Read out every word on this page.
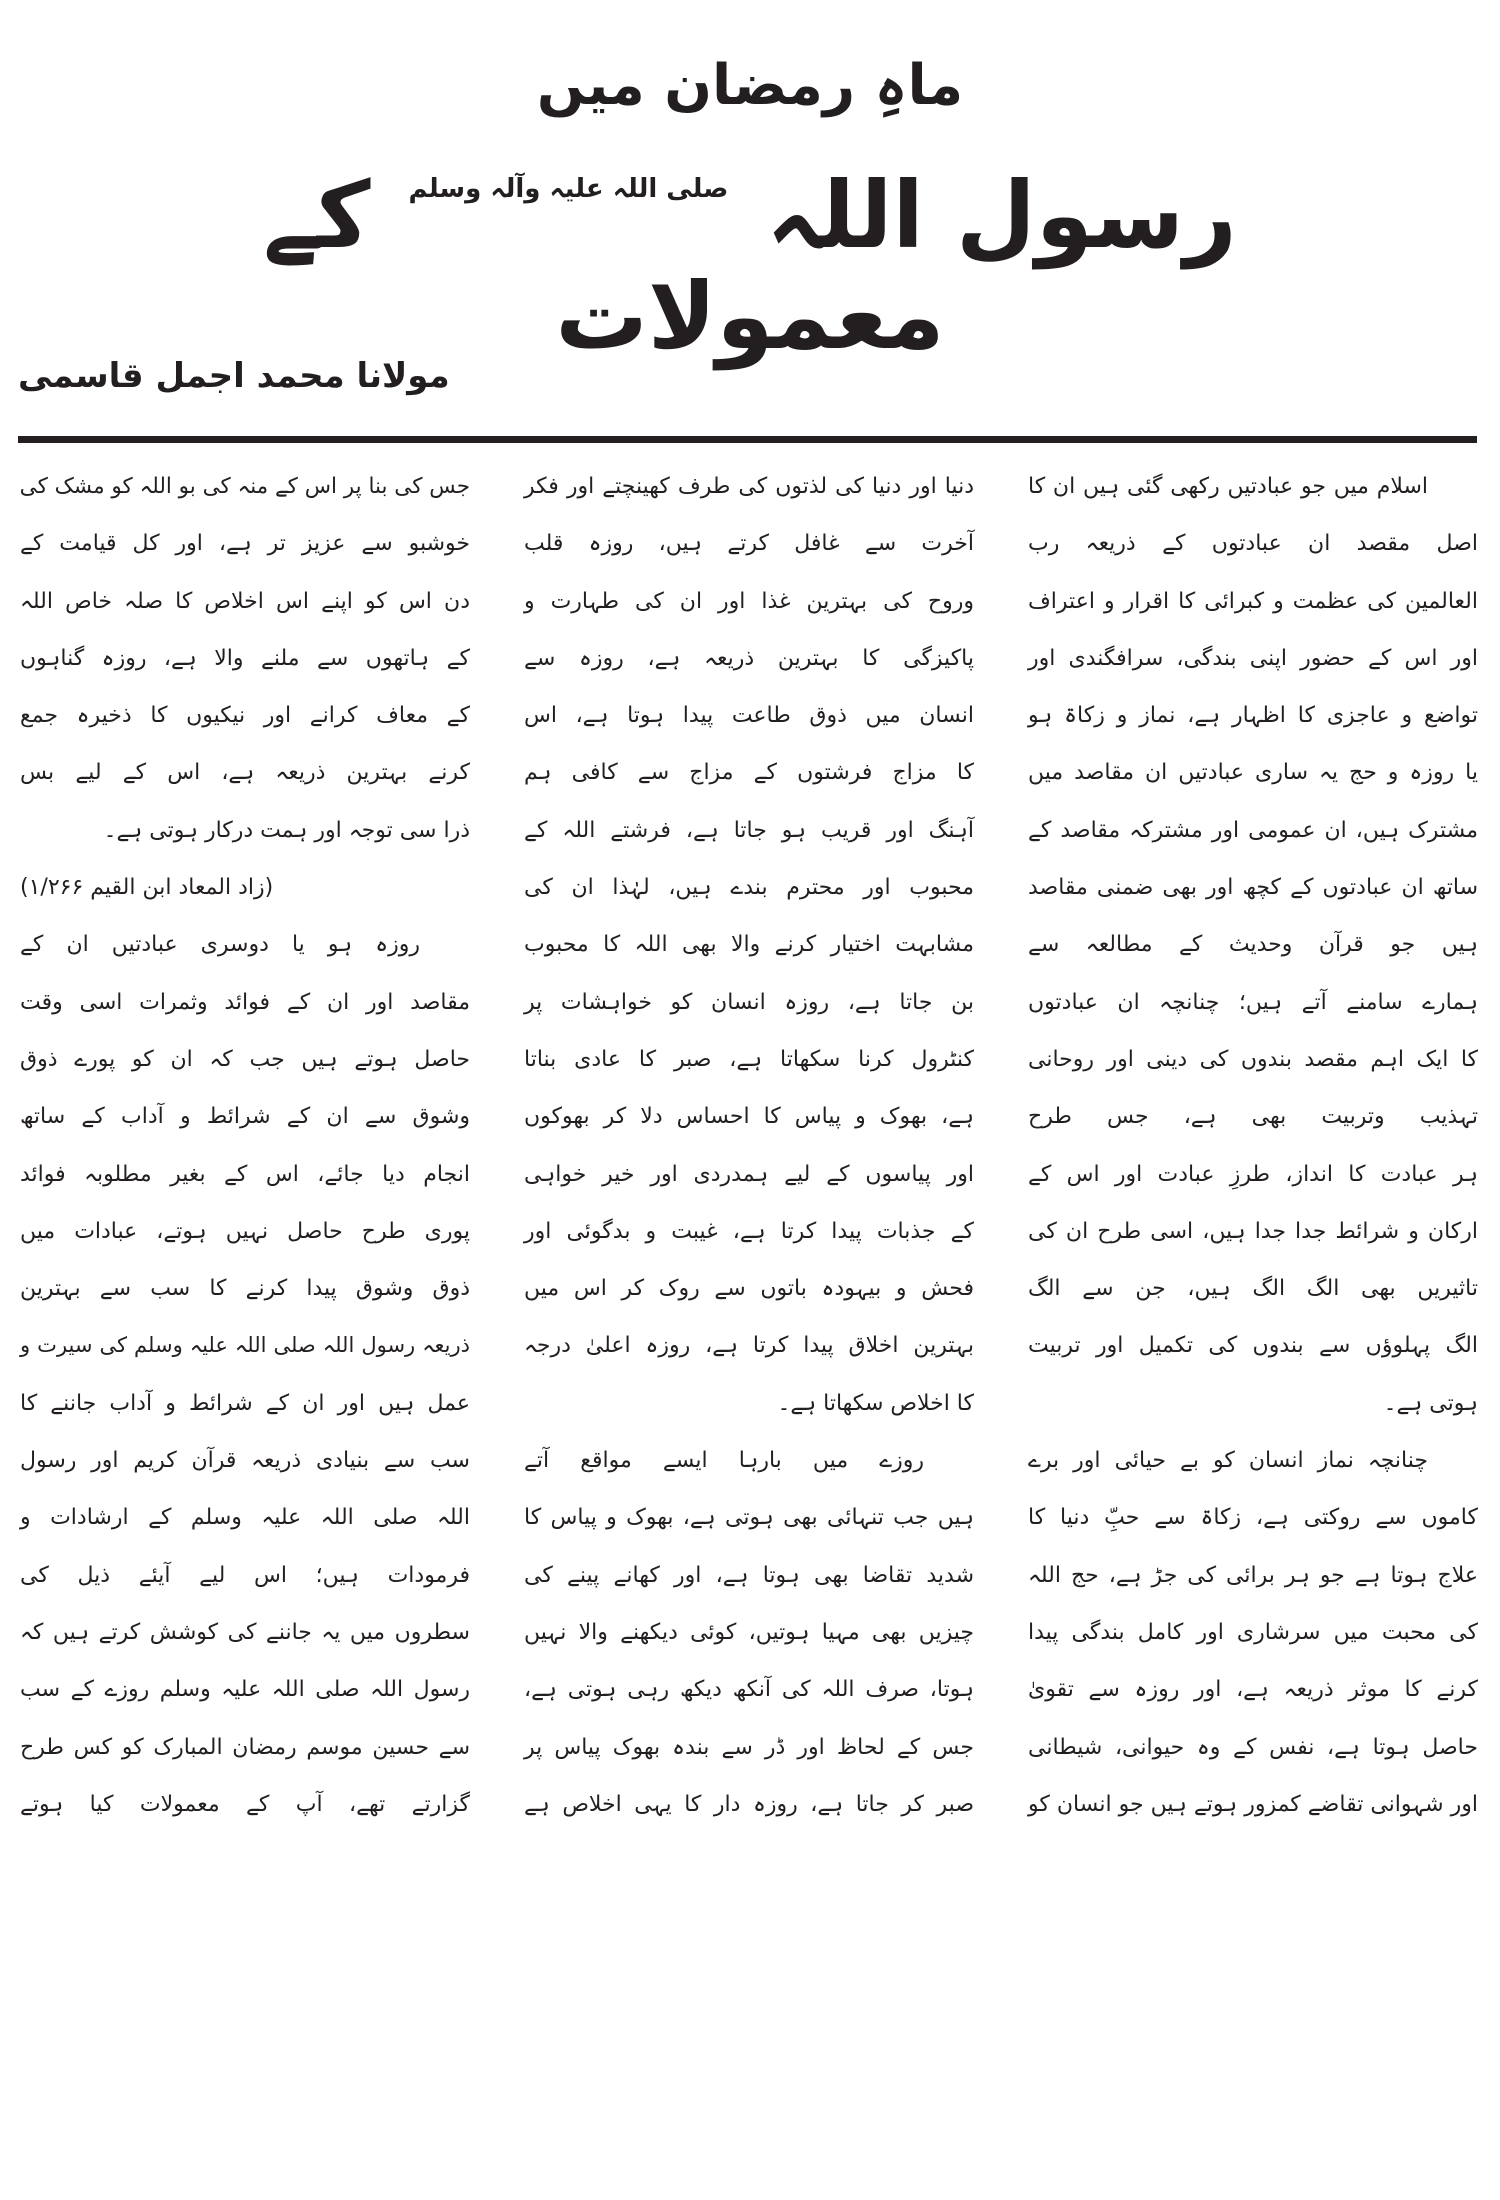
ماہِ رمضان میں
رسول اللہ $^{صلی اللہ علیہ وآلہ وسلم}$ کے معمولات
مولانا محمد اجمل قاسمی
اسلام میں جو عبادتیں رکھی گئی ہیں ان کا
اصل مقصد ان عبادتوں کے ذریعہ رب
العالمین کی عظمت و کبرائی کا اقرار و اعتراف
اور اس کے حضور اپنی بندگی، سرافگندی اور
تواضع و عاجزی کا اظہار ہے، نماز و زکاۃ ہو
یا روزہ و حج یہ ساری عبادتیں ان مقاصد میں
مشترک ہیں، ان عمومی اور مشترکہ مقاصد کے
ساتھ ان عبادتوں کے کچھ اور بھی ضمنی مقاصد
ہیں جو قرآن وحدیث کے مطالعہ سے
ہمارے سامنے آتے ہیں؛ چنانچہ ان عبادتوں
کا ایک اہم مقصد بندوں کی دینی اور روحانی
تہذیب وتربیت بھی ہے، جس طرح
ہر عبادت کا انداز، طرزِ عبادت اور اس کے
ارکان و شرائط جدا جدا ہیں، اسی طرح ان کی
تاثیریں بھی الگ الگ ہیں، جن سے الگ
الگ پہلوؤں سے بندوں کی تکمیل اور تربیت
ہوتی ہے۔
چنانچہ نماز انسان کو بے حیائی اور برے
کاموں سے روکتی ہے، زکاۃ سے حبِّ دنیا کا
علاج ہوتا ہے جو ہر برائی کی جڑ ہے، حج اللہ
کی محبت میں سرشاری اور کامل بندگی پیدا
کرنے کا موثر ذریعہ ہے، اور روزہ سے تقویٰ
حاصل ہوتا ہے، نفس کے وہ حیوانی، شیطانی
اور شہوانی تقاضے کمزور ہوتے ہیں جو انسان کو
دنیا اور دنیا کی لذتوں کی طرف کھینچتے اور فکر
آخرت سے غافل کرتے ہیں، روزہ قلب
وروح کی بہترین غذا اور ان کی طہارت و
پاکیزگی کا بہترین ذریعہ ہے، روزہ سے
انسان میں ذوق طاعت پیدا ہوتا ہے، اس
کا مزاج فرشتوں کے مزاج سے کافی ہم
آہنگ اور قریب ہو جاتا ہے، فرشتے اللہ کے
محبوب اور محترم بندے ہیں، لہٰذا ان کی
مشابہت اختیار کرنے والا بھی اللہ کا محبوب
بن جاتا ہے، روزہ انسان کو خواہشات پر
کنٹرول کرنا سکھاتا ہے، صبر کا عادی بناتا
ہے، بھوک و پیاس کا احساس دلا کر بھوکوں
اور پیاسوں کے لیے ہمدردی اور خیر خواہی
کے جذبات پیدا کرتا ہے، غیبت و بدگوئی اور
فحش و بیہودہ باتوں سے روک کر اس میں
بہترین اخلاق پیدا کرتا ہے، روزہ اعلیٰ درجہ
کا اخلاص سکھاتا ہے۔
روزے میں بارہا ایسے مواقع آتے
ہیں جب تنہائی بھی ہوتی ہے، بھوک و پیاس کا
شدید تقاضا بھی ہوتا ہے، اور کھانے پینے کی
چیزیں بھی مہیا ہوتیں، کوئی دیکھنے والا نہیں
ہوتا، صرف اللہ کی آنکھ دیکھ رہی ہوتی ہے،
جس کے لحاظ اور ڈر سے بندہ بھوک پیاس پر
صبر کر جاتا ہے، روزہ دار کا یہی اخلاص ہے
جس کی بنا پر اس کے منہ کی بو اللہ کو مشک کی
خوشبو سے عزیز تر ہے، اور کل قیامت کے
دن اس کو اپنے اس اخلاص کا صلہ خاص اللہ
کے ہاتھوں سے ملنے والا ہے، روزہ گناہوں
کے معاف کرانے اور نیکیوں کا ذخیرہ جمع
کرنے بہترین ذریعہ ہے، اس کے لیے بس
ذرا سی توجہ اور ہمت درکار ہوتی ہے۔
(زاد المعاد ابن القیم ۱/۲۶۶)
روزہ ہو یا دوسری عبادتیں ان کے
مقاصد اور ان کے فوائد وثمرات اسی وقت
حاصل ہوتے ہیں جب کہ ان کو پورے ذوق
وشوق سے ان کے شرائط و آداب کے ساتھ
انجام دیا جائے، اس کے بغیر مطلوبہ فوائد
پوری طرح حاصل نہیں ہوتے، عبادات میں
ذوق وشوق پیدا کرنے کا سب سے بہترین
ذریعہ رسول اللہ صلی اللہ علیہ وسلم کی سیرت و
عمل ہیں اور ان کے شرائط و آداب جاننے کا
سب سے بنیادی ذریعہ قرآن کریم اور رسول
اللہ صلی اللہ علیہ وسلم کے ارشادات و
فرمودات ہیں؛ اس لیے آیئے ذیل کی
سطروں میں یہ جاننے کی کوشش کرتے ہیں کہ
رسول اللہ صلی اللہ علیہ وسلم روزے کے سب
سے حسین موسم رمضان المبارک کو کس طرح
گزارتے تھے، آپ کے معمولات کیا ہوتے
